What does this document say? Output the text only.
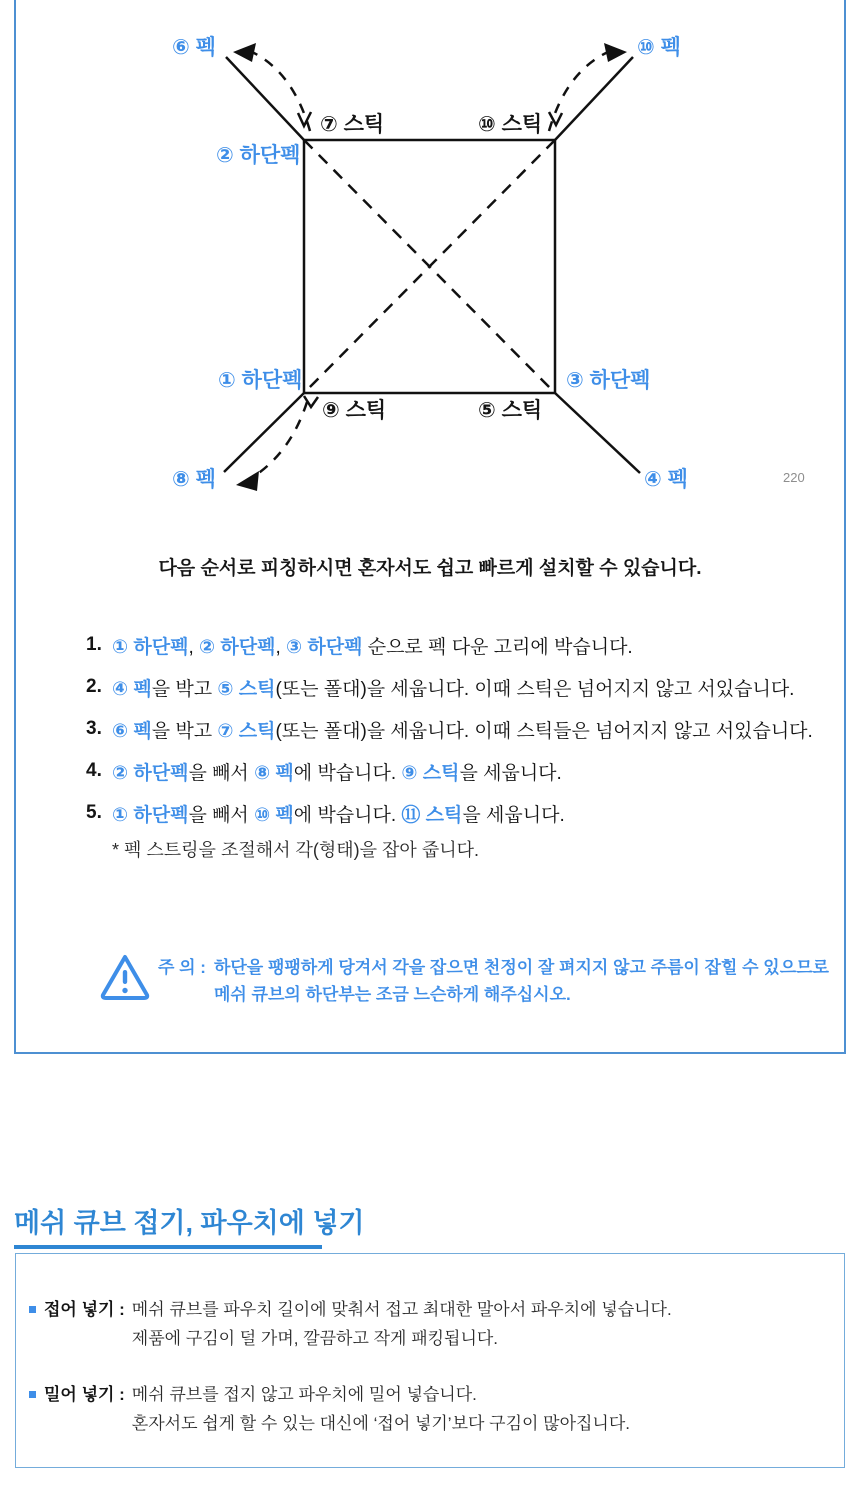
⑥ 펙	⑩ 펙
⑦ 스틱	⑩ 스틱
② 하단펙
① 하단펙	③ 하단펙
⑨ 스틱	⑤ 스틱
⑧ 펙	④ 펙	220
다음 순서로 피칭하시면 혼자서도 쉽고 빠르게 설치할 수 있습니다.
1. ① 하단펙, ② 하단펙, ③ 하단펙 순으로 펙 다운 고리에 박습니다.
2. ④ 펙을 박고 ⑤ 스틱(또는 폴대)을 세웁니다. 이때 스틱은 넘어지지 않고 서있습니다.
3. ⑥ 펙을 박고 ⑦ 스틱(또는 폴대)을 세웁니다. 이때 스틱들은 넘어지지 않고 서있습니다.
4. ② 하단펙을 빼서 ⑧ 펙에 박습니다. ⑨ 스틱을 세웁니다.
5. ① 하단펙을 빼서 ⑩ 펙에 박습니다. ⑪ 스틱을 세웁니다.
* 펙 스트링을 조절해서 각(형태)을 잡아 줍니다.
주 의 : 하단을 팽팽하게 당겨서 각을 잡으면 천정이 잘 펴지지 않고 주름이 잡힐 수 있으므로
메쉬 큐브의 하단부는 조금 느슨하게 해주십시오.
메쉬 큐브 접기, 파우치에 넣기
접어 넣기 : 메쉬 큐브를 파우치 길이에 맞춰서 접고 최대한 말아서 파우치에 넣습니다.
제품에 구김이 덜 가며, 깔끔하고 작게 패킹됩니다.
밀어 넣기 : 메쉬 큐브를 접지 않고 파우치에 밀어 넣습니다.
혼자서도 쉽게 할 수 있는 대신에 ‘접어 넣기’보다 구김이 많아집니다.
